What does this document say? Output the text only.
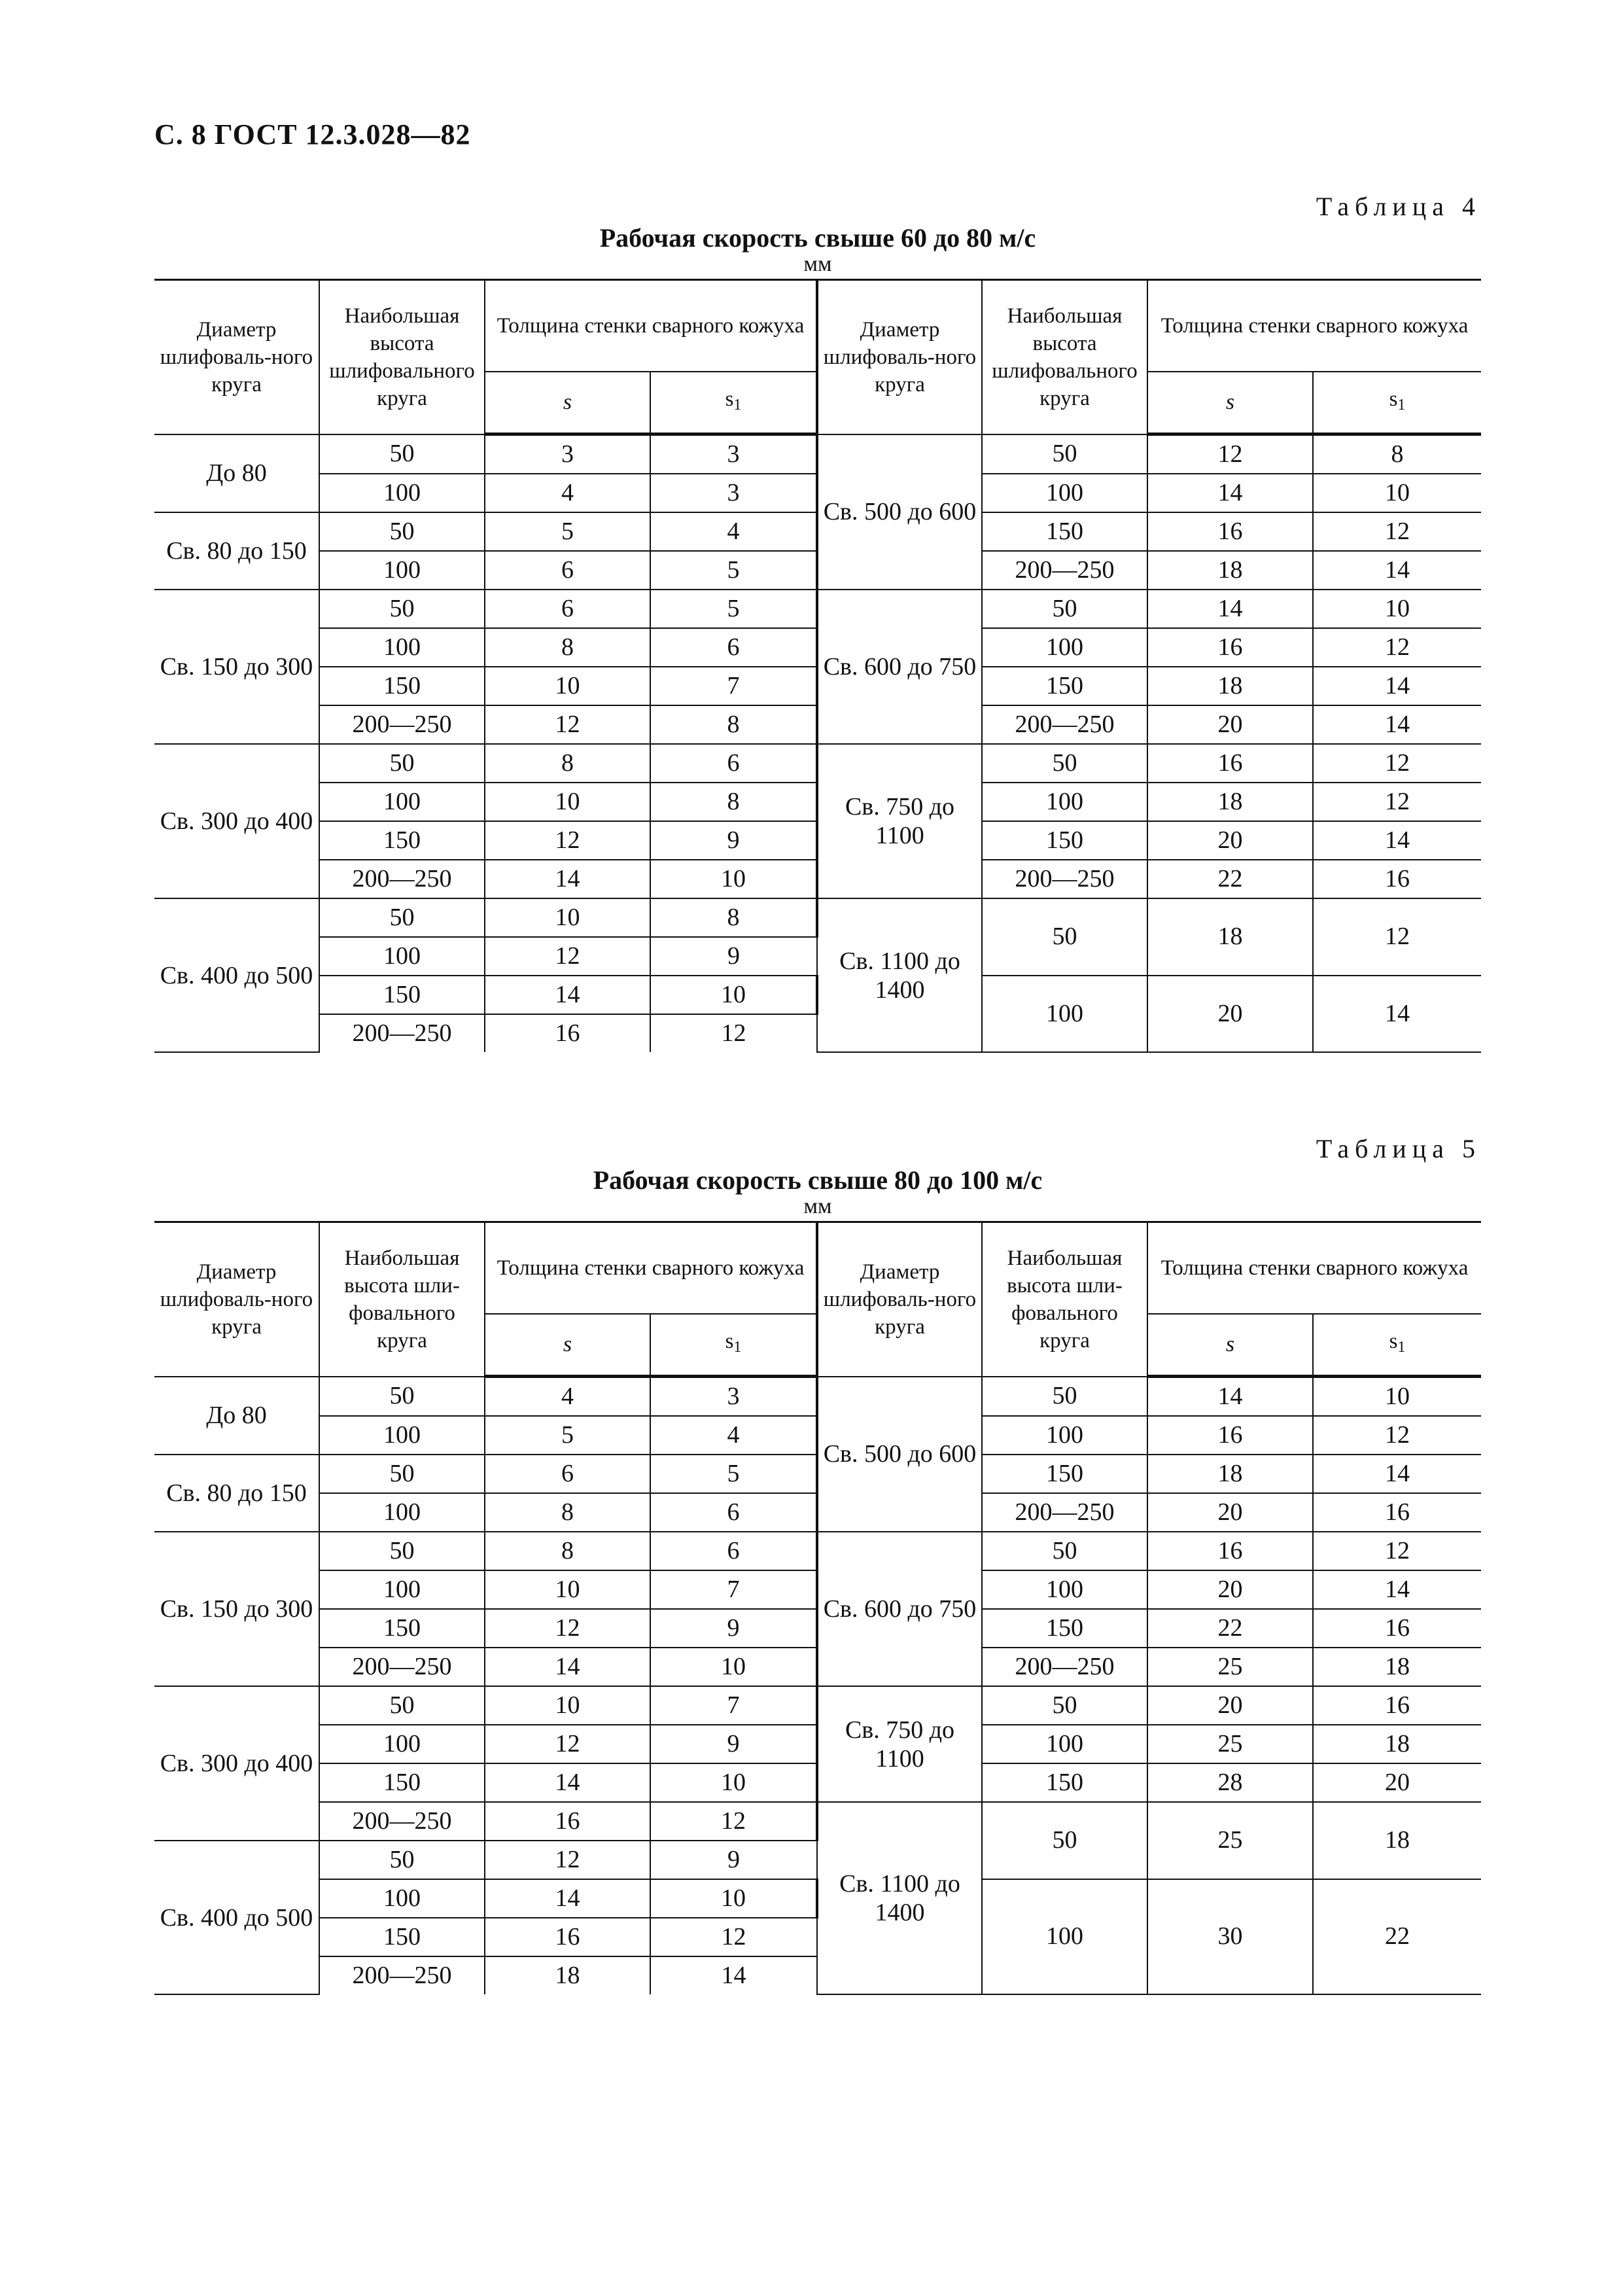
С. 8 ГОСТ 12.3.028—82
Таблица 4
Рабочая скорость свыше 60 до 80 м/с
мм
Диаметр шлифоваль-ного круга	Наибольшая высота шлифовального круга	Толщина стенки сварного кожуха		Диаметр шлифоваль-ного круга	Наибольшая высота шлифовального круга	Толщина стенки сварного кожуха	
		s	$s_1$			s	$s_1$
До 80	50	3	3	Св. 500 до 600	50	12	8
	100	4	3		100	14	10
Св. 80 до 150	50	5	4		150	16	12
	100	6	5		200—250	18	14
Св. 150 до 300	50	6	5	Св. 600 до 750	50	14	10
	100	8	6		100	16	12
	150	10	7		150	18	14
	200—250	12	8		200—250	20	14
Св. 300 до 400	50	8	6	Св. 750 до 1100	50	16	12
	100	10	8		100	18	12
	150	12	9		150	20	14
	200—250	14	10		200—250	22	16
Св. 400 до 500	50	10	8	Св. 1100 до 1400	50	18	12
	100	12	9				
	150	14	10		100	20	14
	200—250	16	12				
Таблица 5
Рабочая скорость свыше 80 до 100 м/с
мм
Диаметр шлифоваль-ного круга	Наибольшая высота шли-фовального круга	Толщина стенки сварного кожуха		Диаметр шлифоваль-ного круга	Наибольшая высота шли-фовального круга	Толщина стенки сварного кожуха	
		s	$s_1$			s	$s_1$
До 80	50	4	3	Св. 500 до 600	50	14	10
	100	5	4		100	16	12
Св. 80 до 150	50	6	5		150	18	14
	100	8	6		200—250	20	16
Св. 150 до 300	50	8	6	Св. 600 до 750	50	16	12
	100	10	7		100	20	14
	150	12	9		150	22	16
	200—250	14	10		200—250	25	18
Св. 300 до 400	50	10	7	Св. 750 до 1100	50	20	16
	100	12	9		100	25	18
	150	14	10		150	28	20
	200—250	16	12	Св. 1100 до 1400	50	25	18
Св. 400 до 500	50	12	9				
	100	14	10		100	30	22
	150	16	12				
	200—250	18	14				
